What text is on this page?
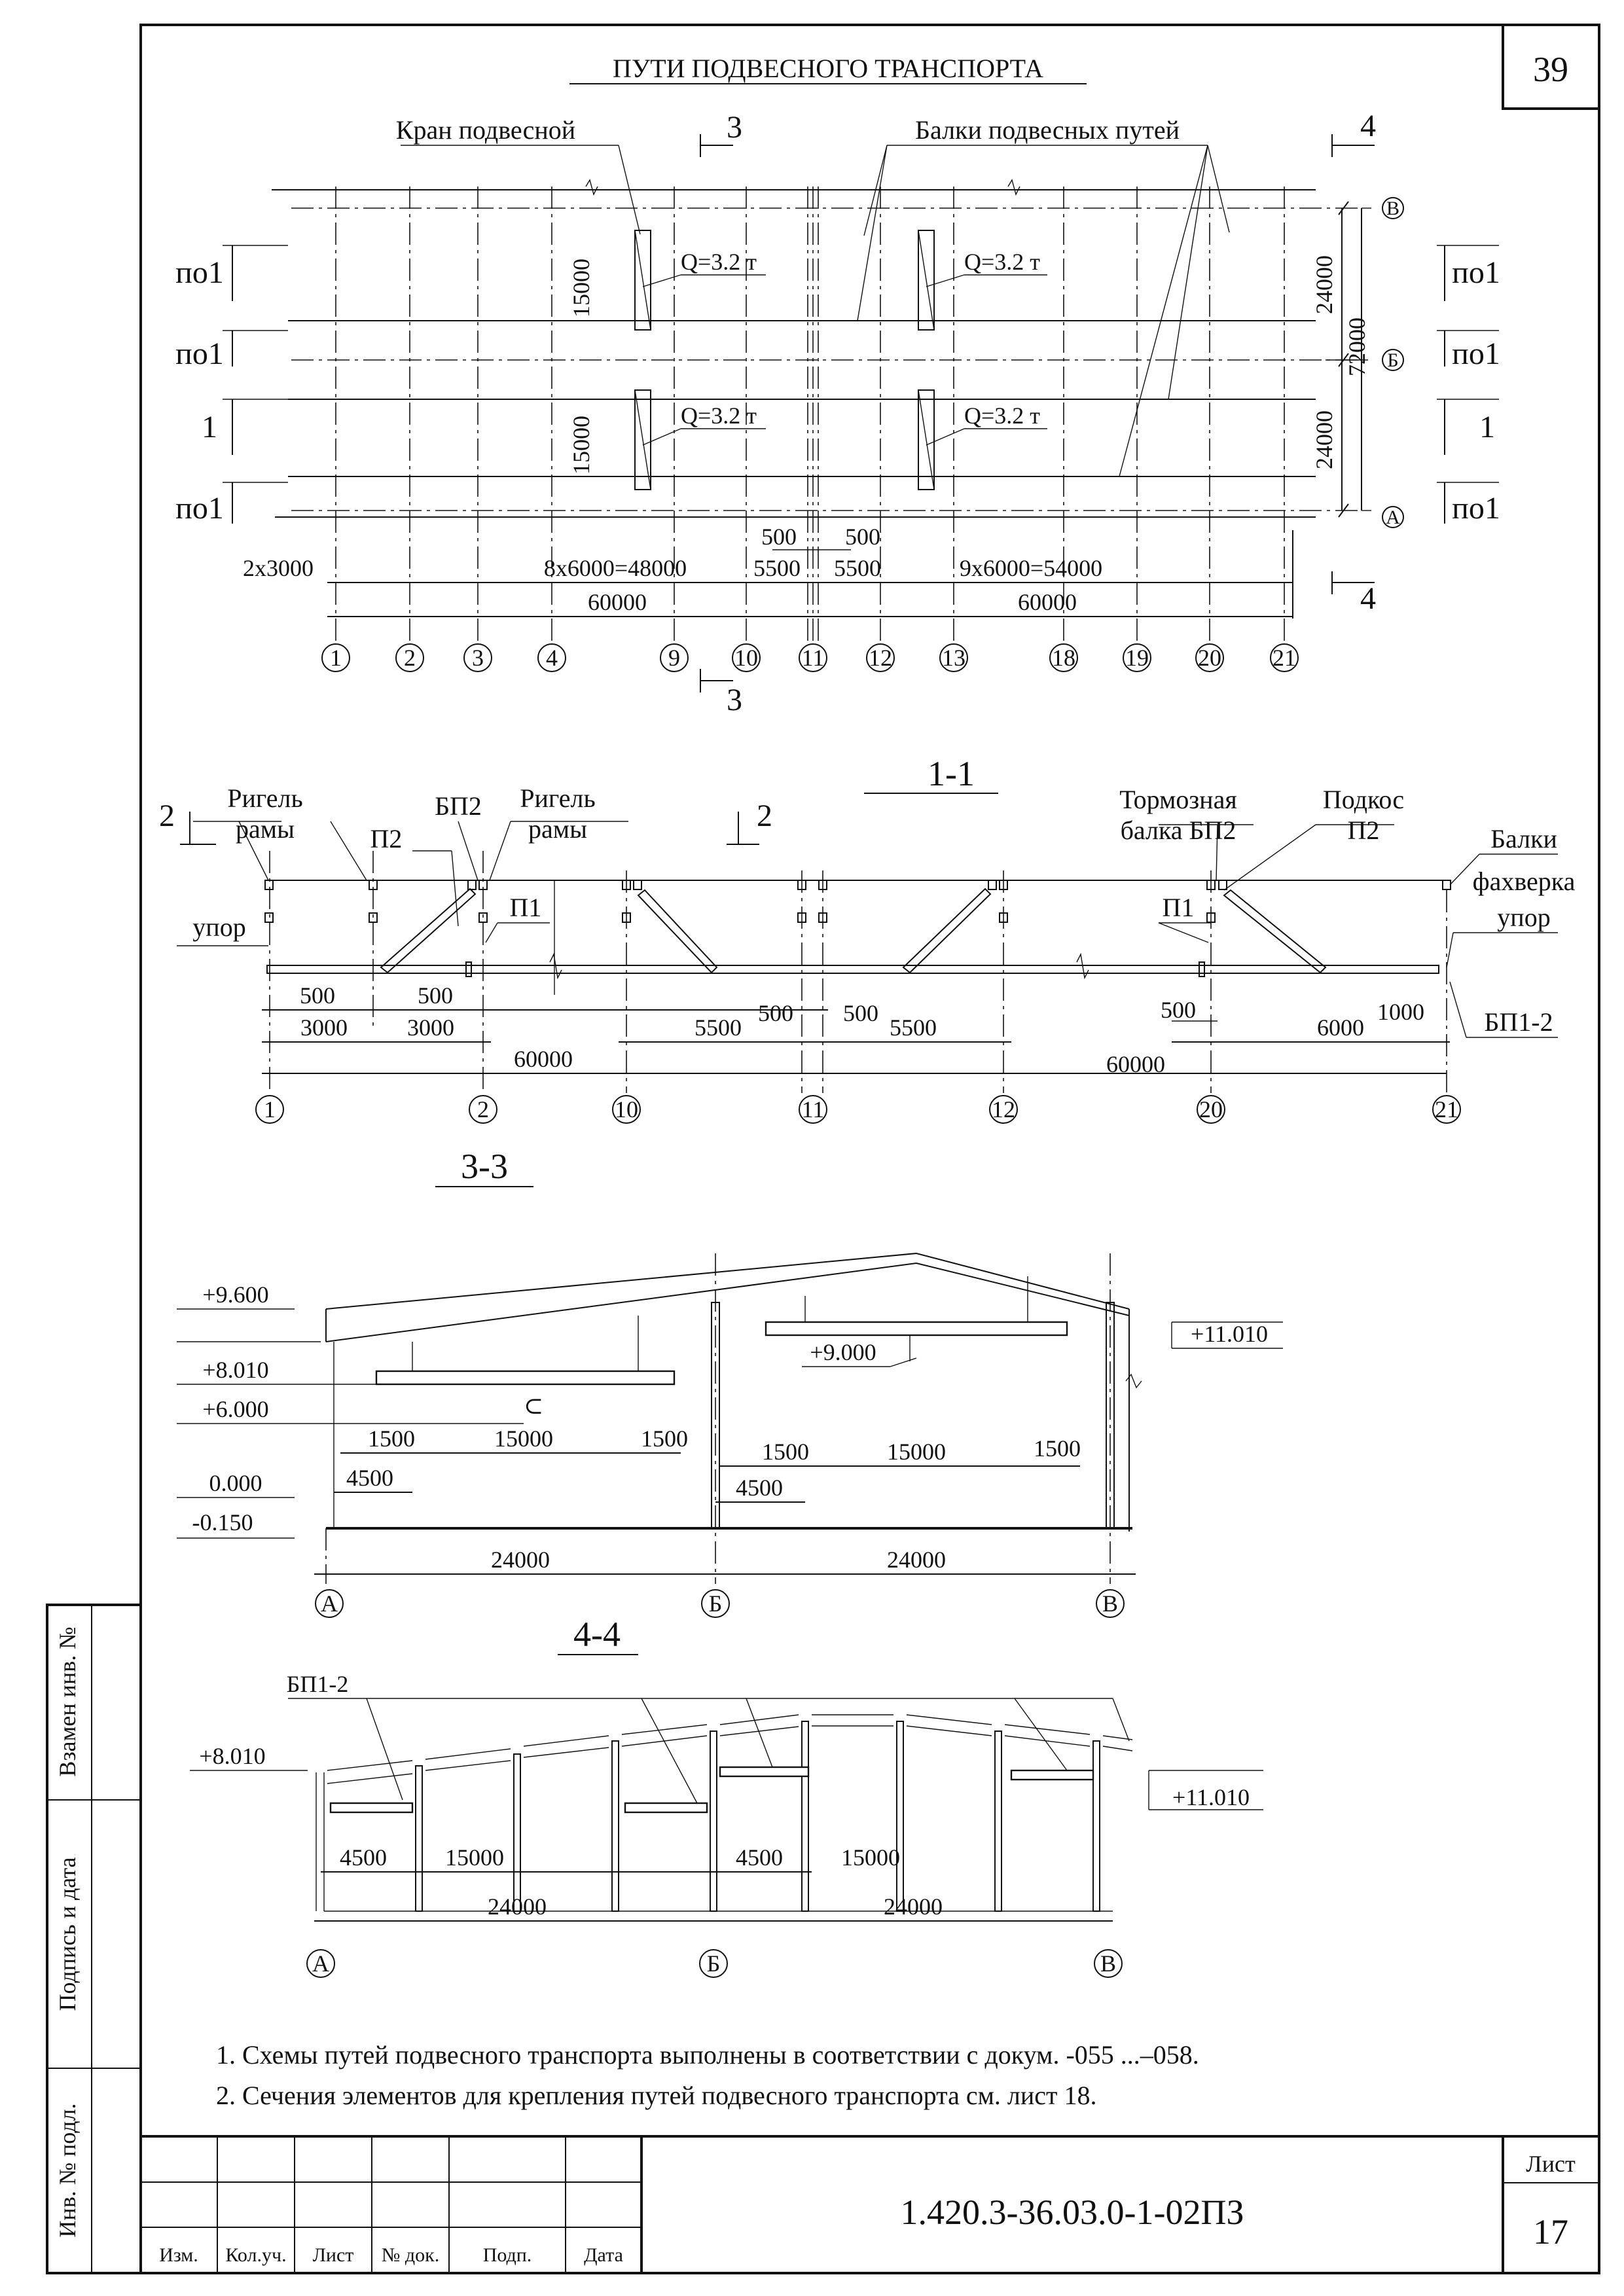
39
ПУТИ ПОДВЕСНОГО ТРАНСПОРТА
Взамен инв. №
Подпись и дата
Инв. № подл.
Изм. Кол.уч. Лист № док. Подп.	Дата
1.420.3-36.03.0-1-02ПЗ
Лист
17
Кран подвесной	Балки подвесных путей
3
3
4
4
Q=3.2 т	Q=3.2 т
Q=3.2 т	Q=3.2 т
15000
15000
24000
24000
72000
В
Б
А
по1
по1
1
по1
по1
по1
1
по1
500 500
5500 5500
2х3000	8х6000=48000	9х6000=54000
60000	60000
1	2 3	4	9 10 11 12 13	18 19 20 21
1-1
2	2
Ригель
рамы	П2
БП2 Ригель
рамы
П1
упор
Тормозная
балка БП2
Подкос
П2
П1
Балки
фахверка
упор
БП1-2
500	500
500 500	500
3000	3000	5500	5500
60000	60000
1000
6000
1	2	10	11	12	20	21
⊂
3-3
+9.600
+8.010
+6.000
0.000
-0.150
+9.000
+11.010
1500	15000	1500
4500
1500	15000	1500
4500
24000	24000
А	Б	В
4-4
БП1-2
+8.010
+11.010
4500 15000	4500 15000
24000	24000
А	Б	В
1. Схемы путей подвесного транспорта выполнены в соответствии с докум. -055 ...–058.
2. Сечения элементов для крепления путей подвесного транспорта см. лист 18.
